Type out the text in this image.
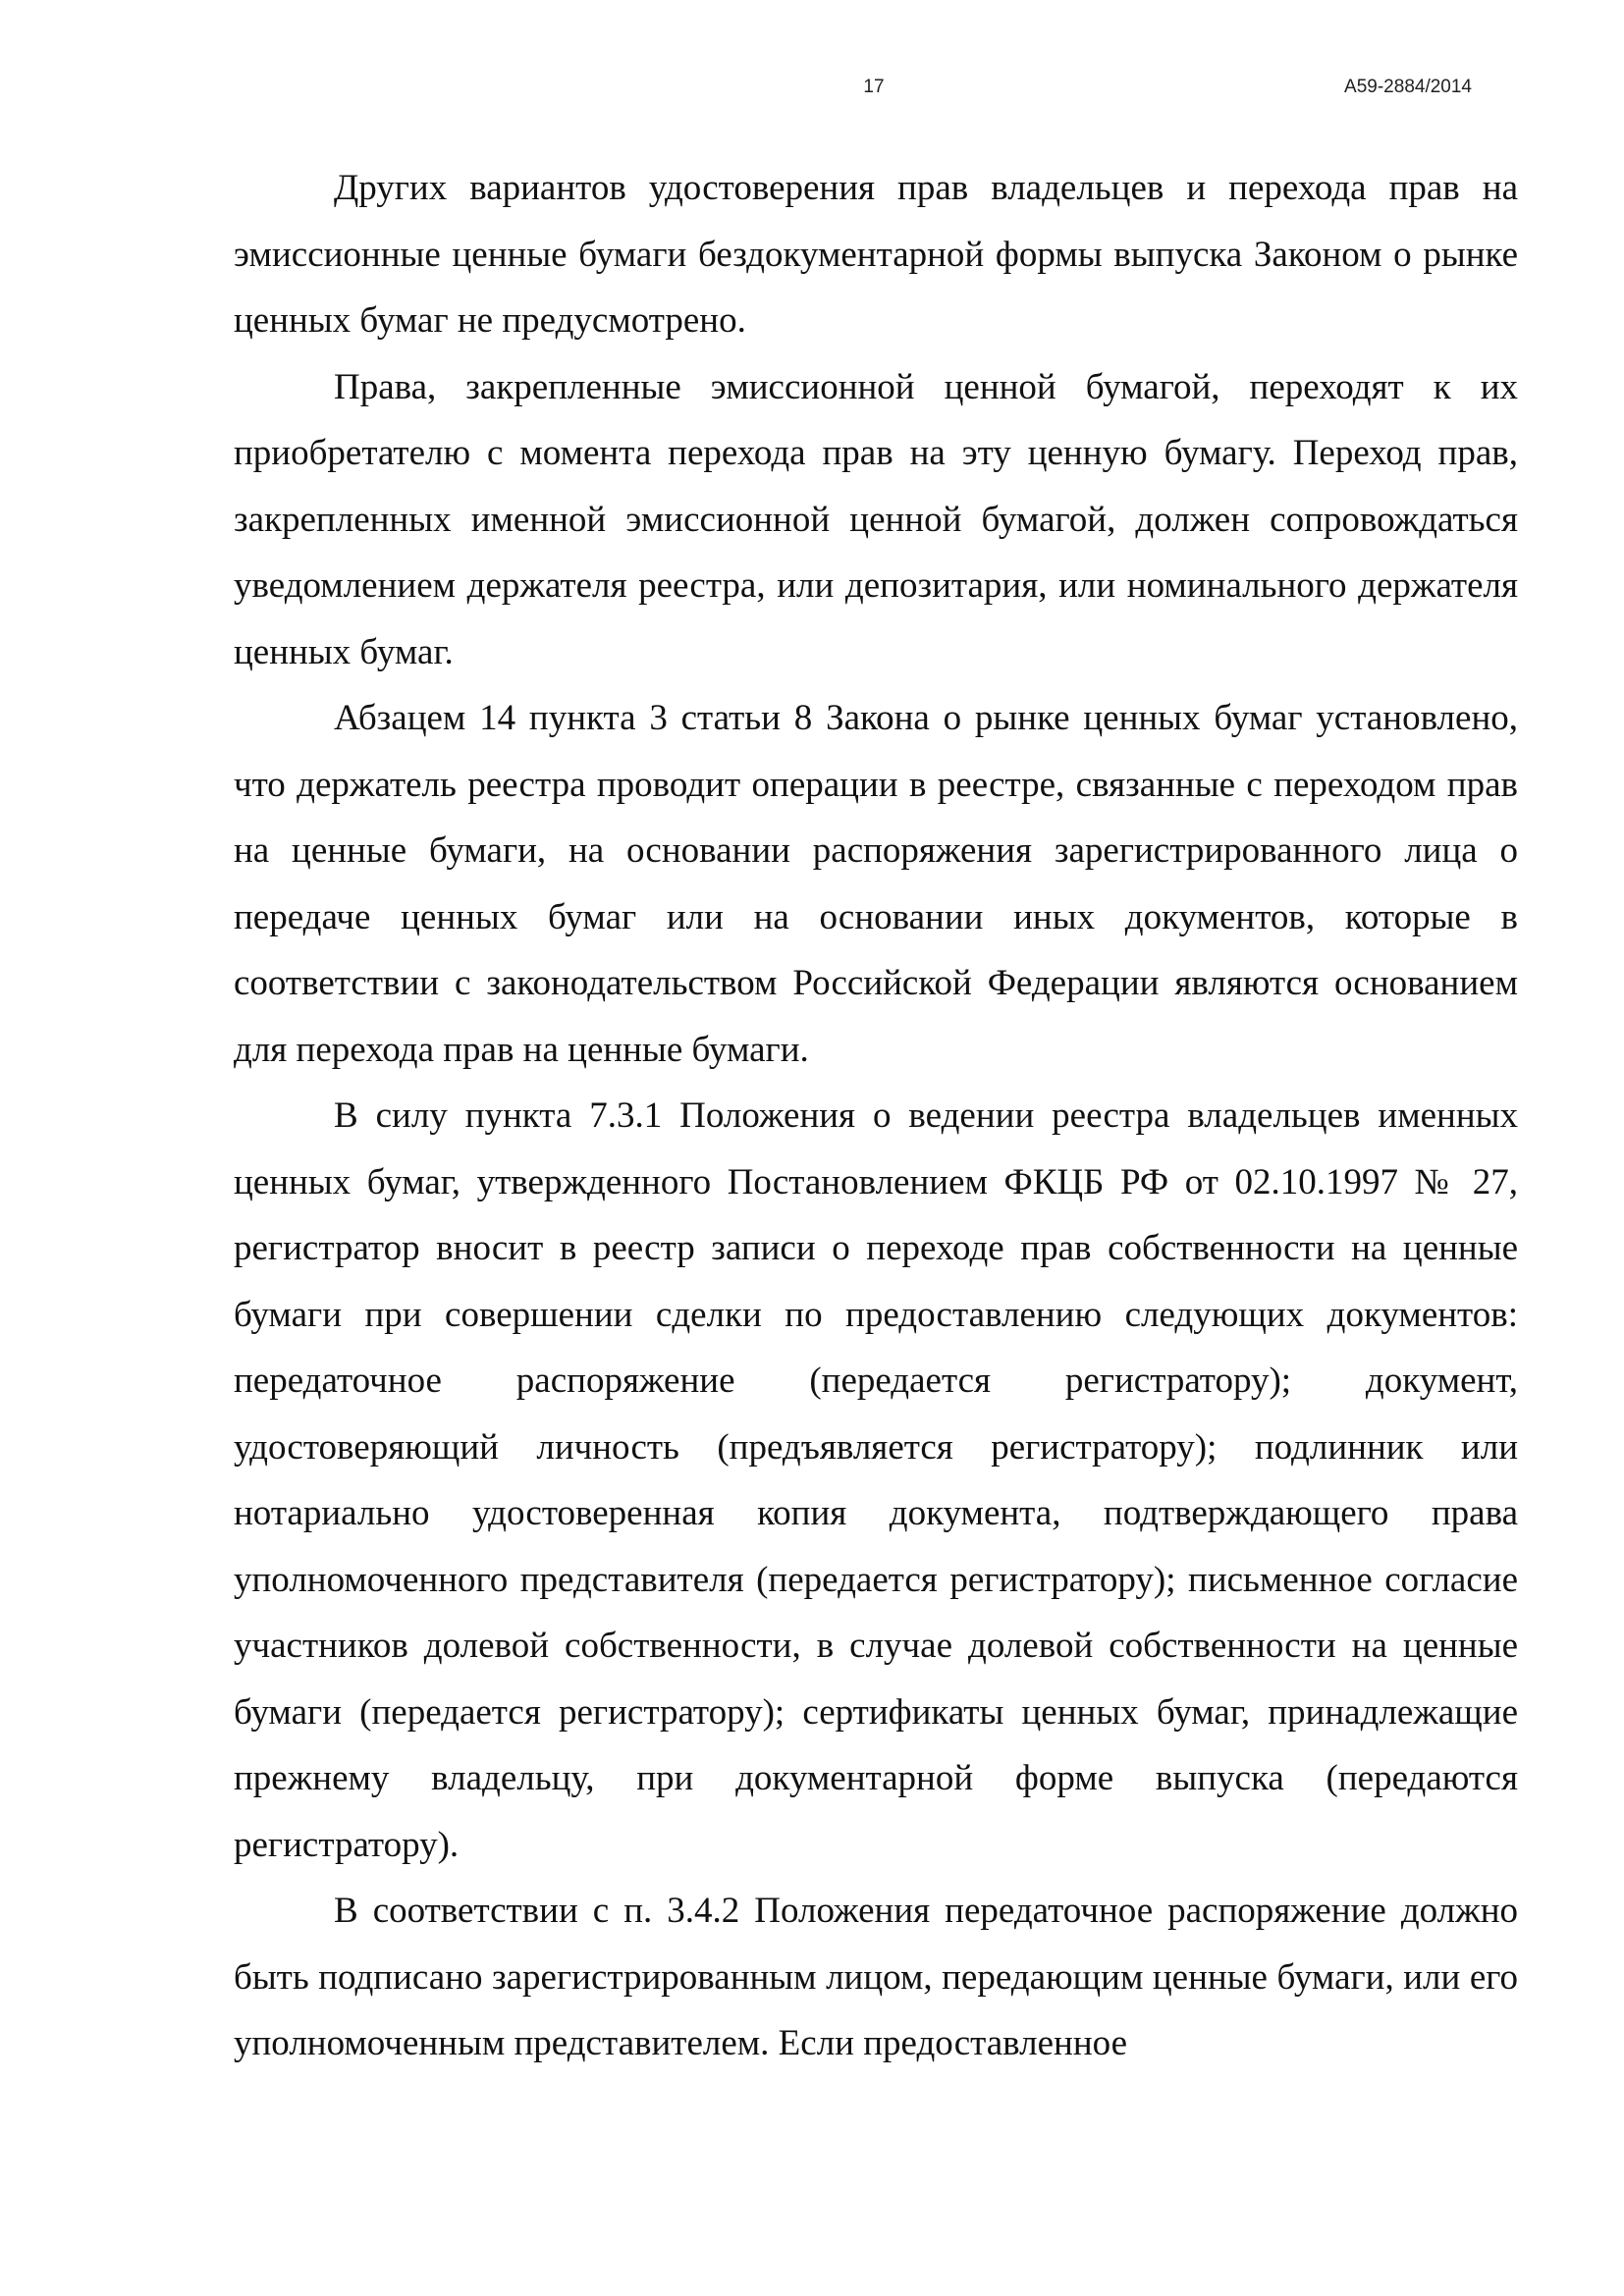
17	А59-2884/2014

Других вариантов удостоверения прав владельцев и перехода прав на эмиссионные ценные бумаги бездокументарной формы выпуска Законом о рынке ценных бумаг не предусмотрено.

Права, закрепленные эмиссионной ценной бумагой, переходят к их приобретателю с момента перехода прав на эту ценную бумагу. Переход прав, закрепленных именной эмиссионной ценной бумагой, должен сопровождаться уведомлением держателя реестра, или депозитария, или номинального держателя ценных бумаг.

Абзацем 14 пункта 3 статьи 8 Закона о рынке ценных бумаг установлено, что держатель реестра проводит операции в реестре, связанные с переходом прав на ценные бумаги, на основании распоряжения зарегистрированного лица о передаче ценных бумаг или на основании иных документов, которые в соответствии с законодательством Российской Федерации являются основанием для перехода прав на ценные бумаги.

В силу пункта 7.3.1 Положения о ведении реестра владельцев именных ценных бумаг, утвержденного Постановлением ФКЦБ РФ от 02.10.1997 № 27, регистратор вносит в реестр записи о переходе прав собственности на ценные бумаги при совершении сделки по предоставлению следующих документов: передаточное распоряжение (передается регистратору); документ, удостоверяющий личность (предъявляется регистратору); подлинник или нотариально удостоверенная копия документа, подтверждающего права уполномоченного представителя (передается регистратору); письменное согласие участников долевой собственности, в случае долевой собственности на ценные бумаги (передается регистратору); сертификаты ценных бумаг, принадлежащие прежнему владельцу, при документарной форме выпуска (передаются регистратору).

В соответствии с п. 3.4.2 Положения передаточное распоряжение должно быть подписано зарегистрированным лицом, передающим ценные бумаги, или его уполномоченным представителем. Если предоставленное
